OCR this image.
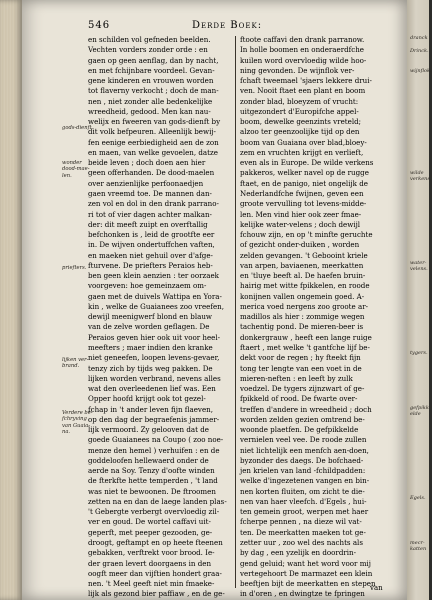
dranck
Drinck.
wijnflok.
wilde
verkens.
water-
velens.
tygers.
gefpikk-
elde
Egels.
mecr-
katten
546	Derde Boek:
gods-dienft.
wonder
dood-mae-
len.
priefters.
lijken ver-
brand.
Verdere be-
fchryving
van Guaia-
na.
en schilden vol gefneden beelden.
Vechten vorders zonder orde : en
gaen op geen aenflag, dan by nacht,
en met fchijnbare voordeel. Gevan-
gene kinderen en vrouwen worden
tot flaverny verkocht ; doch de man-
nen , niet zonder alle bedenkelijke
wreedheid, gedood. Men kan nau-
welijx en fweeren van gods-dienft by
dit volk befpeuren. Alleenlijk bewij-
fen eenige eerbiedigheid aen de zon
en maen, van welke gevoelen, datze
beide leven ; doch doen aen hier
geen offerhanden. De dood-maelen
over aenzienlijke perfoonaedjen
gaen vreemd toe. De mannen dan-
zen vol en dol in den drank parrano-
ri tot of vier dagen achter malkan-
der: dit meeft zuipt en overftallig
befchonken is , leid de grootfte eer
in. De wijven ondertuffchen vaften,
en maeken niet gehuil over d'afge-
fturvene. De priefters Peraios heb-
ben geen klein aenzien : ter oorzaek
voorgeven: hoe gemeinzaem om-
gaen met de duivels Wattipa en Yora-
kin , welke de Guaianees zoo vreefen,
dewijl meenigwerf blond en blauw
van de zelve worden geflagen. De
Peraios geven hier ook uit voor heel-
meefters ; maer indien den kranke
niet geneefen, loopen levens-gevaer,
tenzy zich by tijds weg pakken. De
lijken worden verbrand, nevens alles
wat den overleedenen lief was. Een
Opper hoofd krijgt ook tot gezel-
fchap in 't ander leven fijn flaeven,
op den dag der begraefenis jammer-
lijk vermoord. Zy gelooven dat de
goede Guaianees na Coupo ( zoo noe-
menze den hemel ) verhuifen : en de
goddeloofen hellewaerd onder de
aerde na Soy. Tenzy d'oofte winden
de fterkfte hette temperden , 't land
was niet te bewoonen. De ftroomen
zetten na en dan de laege landen plas-
't Gebergte verbergt overvloedig zil-
ver en goud. De wortel caffavi uit-
geperft, met peeper gezooden, ge-
droogt, geftampt en op heete fteenen
gebakken, verftrekt voor brood. Ie-
der graen levert doorgaens in den
oogft meer dan vijftien hondert graa-
nen. 't Meel geeft niet min fmaeke-
lijk als gezond bier paffiaw , en de ge-
ftoote caffavi den drank parranow.
In holle boomen en onderaerdfche
kuilen word overvloedig wilde hoo-
ning gevonden. De wijnflok ver-
fchaft tweemael 'sjaers lekkere drui-
ven. Nooit ftaet een plant en boom
zonder blad, bloeyzem of vrucht:
uitgezondert d'Europifche appel-
boom, dewelke geenzints vreteld;
alzoo ter geenzoolijke tijd op den
boom van Guaiana over blad,bloey-
zem en vruchten krijgt en verlieft,
even als in Europe. De wilde verkens
pakkeros, welker navel op de rugge
ftaet, en de panigo, niet ongelijk de
Nederlandfche fwijnen, geven een
groote vervulling tot levens-midde-
len. Men vind hier ook zeer fmae-
kelijke water-velens ; doch dewijl
fchouw zijn, en op 't minfte geruchte
of gezicht onder-duiken , worden
zelden gevangen. 't Gebooint kriele
van arpen, baviaenen, meerkatten
en 'tluye beeft al. De haefen bruin-
hairig met witte fpikkelen, en roode
konijnen vallen ongemein goed. A-
merica voed nergens zoo groote ar-
madillos als hier : zommige wegen
tachentig pond. De mieren-beer is
donkergrauw , heeft een lange ruige
ftaert , met welke 't gantfche lijf be-
dekt voor de regen ; hy fteekt fijn
tong ter lengte van een voet in de
mieren-neften : en leeft by zulk
voedzel. De tygers zijnzwart of ge-
fpikkeld of rood. De fwarte over-
treffen d'andere in wreedheid ; doch
worden zelden gezien omtrend be-
woonde plaetfen. De gefpikkelde
vernielen veel vee. De roode zullen
niet lichtelijk een menfch aen-doen,
byzonder des daegs. De bofchaed-
jen krielen van land -fchildpadden:
welke d'ingezetenen vangen en bin-
nen korten fluiten, om zicht te die-
nen van haer vleefch. d'Egels , hui-
ten gemein groot, werpen met haer
fcherpe pennen , na dieze wil vat-
ten. De meerkatten maeken tot ge-
zetter uur , zoo wel des nachts als
by dag , een yzelijk en doordrin-
gend geluid; want het word voor mij
vertegehoort De marmazet een klein
beeftjen bijt de meerkatten en stepen
in d'oren , en dwingtze te fpringen
van
